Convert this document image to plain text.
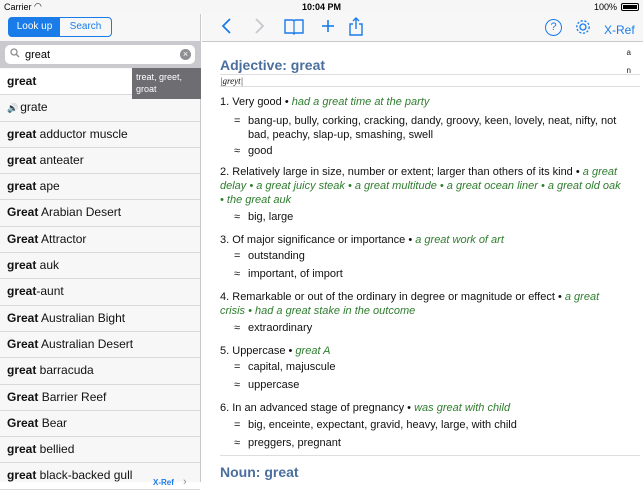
Carrier ◠	10:04 PM	100%
Look up	Search
great
×
great
🔊 grate
great adductor muscle
great anteater
great ape
Great Arabian Desert
Great Attractor
great auk
great-aunt
Great Australian Bight
Great Australian Desert
great barracuda
Great Barrier Reef
Great Bear
great bellied
great black-backed gull
X-Ref ›
treat, greet,
groat
?	X-Ref
Adjective: great
a
n
|greyt|
1. Very good • had a great time at the party
= bang-up, bully, corking, cracking, dandy, groovy, keen, lovely, neat, nifty, not bad, peachy, slap-up, smashing, swell
≈ good
2. Relatively large in size, number or extent; larger than others of its kind • a great delay • a great juicy steak • a great multitude • a great ocean liner • a great old oak • the great auk
≈ big, large
3. Of major significance or importance • a great work of art
= outstanding
≈ important, of import
4. Remarkable or out of the ordinary in degree or magnitude or effect • a great crisis • had a great stake in the outcome
≈ extraordinary
5. Uppercase • great A
= capital, majuscule
≈ uppercase
6. In an advanced stage of pregnancy • was great with child
= big, enceinte, expectant, gravid, heavy, large, with child
≈ preggers, pregnant
Noun: great
